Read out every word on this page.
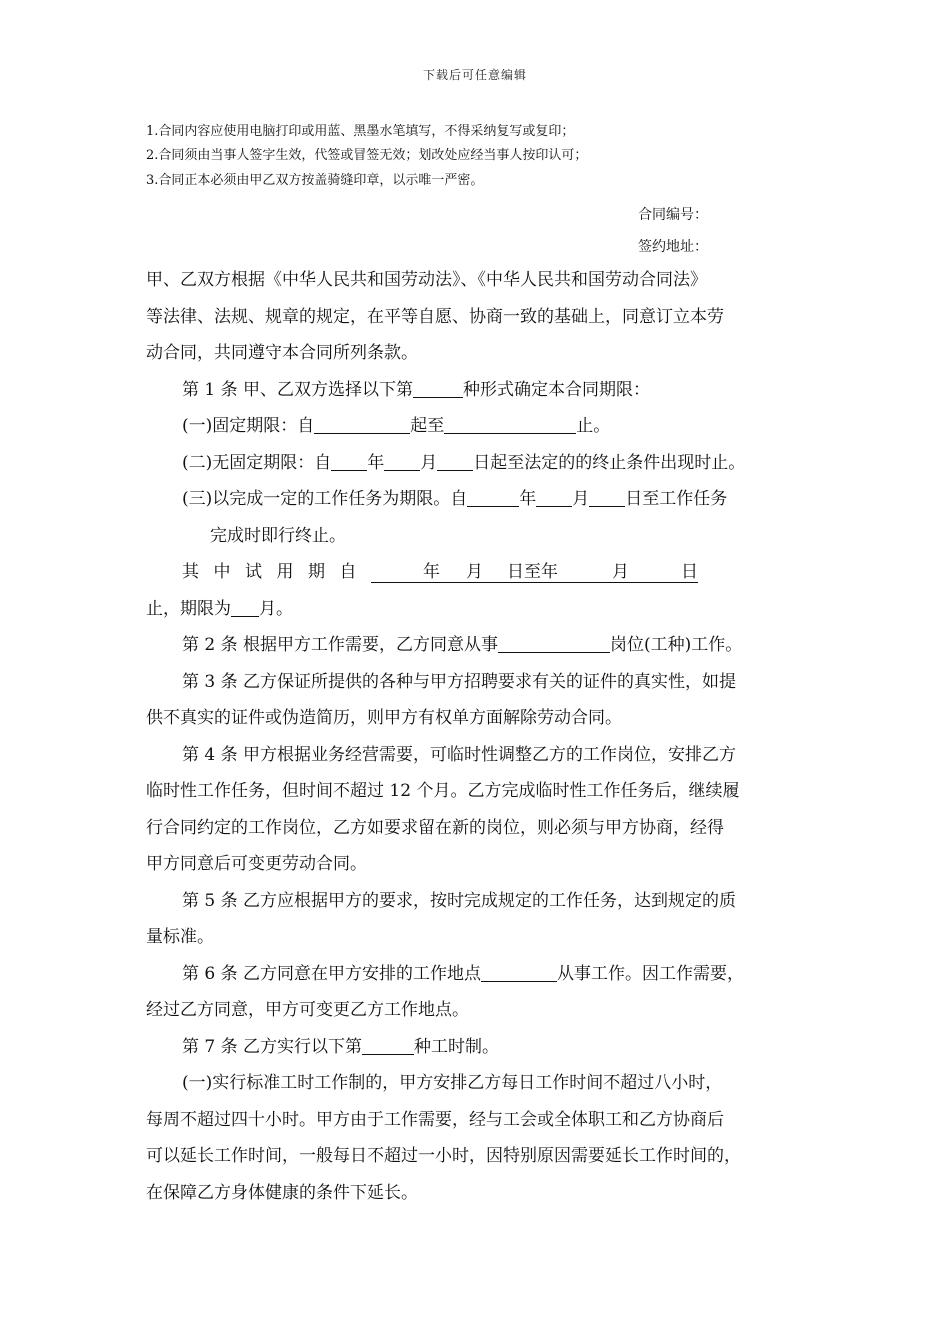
下载后可任意编辑
1.合同内容应使用电脑打印或用蓝、黑墨水笔填写，不得采纳复写或复印；
2.合同须由当事人签字生效，代签或冒签无效；划改处应经当事人按印认可；
3.合同正本必须由甲乙双方按盖骑缝印章，以示唯一严密。
合同编号：
签约地址：

甲、乙双方根据《中华人民共和国劳动法》、《中华人民共和国劳动合同法》

等法律、法规、规章的规定，在平等自愿、协商一致的基础上，同意订立本劳

动合同，共同遵守本合同所列条款。

第 1 条 甲、乙双方选择以下第	种形式确定本合同期限：

(一)固定期限：自	起至	止。

(二)无固定期限：自 年 月 日起至法定的的终止条件出现时止。

(三)以完成一定的工作任务为期限。自	年 月 日至工作任务

完成时即行终止。

其中试用期自	年 月 日至年	月	日

止，期限为 月。

第 2 条 根据甲方工作需要，乙方同意从事	岗位(工种)工作。

第 3 条 乙方保证所提供的各种与甲方招聘要求有关的证件的真实性，如提

供不真实的证件或伪造简历，则甲方有权单方面解除劳动合同。

第 4 条 甲方根据业务经营需要，可临时性调整乙方的工作岗位，安排乙方

临时性工作任务，但时间不超过 12 个月。乙方完成临时性工作任务后，继续履

行合同约定的工作岗位，乙方如要求留在新的岗位，则必须与甲方协商，经得

甲方同意后可变更劳动合同。

第 5 条 乙方应根据甲方的要求，按时完成规定的工作任务，达到规定的质

量标准。

第 6 条 乙方同意在甲方安排的工作地点	从事工作。因工作需要，

经过乙方同意，甲方可变更乙方工作地点。

第 7 条 乙方实行以下第	种工时制。

(一)实行标准工时工作制的，甲方安排乙方每日工作时间不超过八小时，

每周不超过四十小时。甲方由于工作需要，经与工会或全体职工和乙方协商后

可以延长工作时间，一般每日不超过一小时，因特别原因需要延长工作时间的，

在保障乙方身体健康的条件下延长。
